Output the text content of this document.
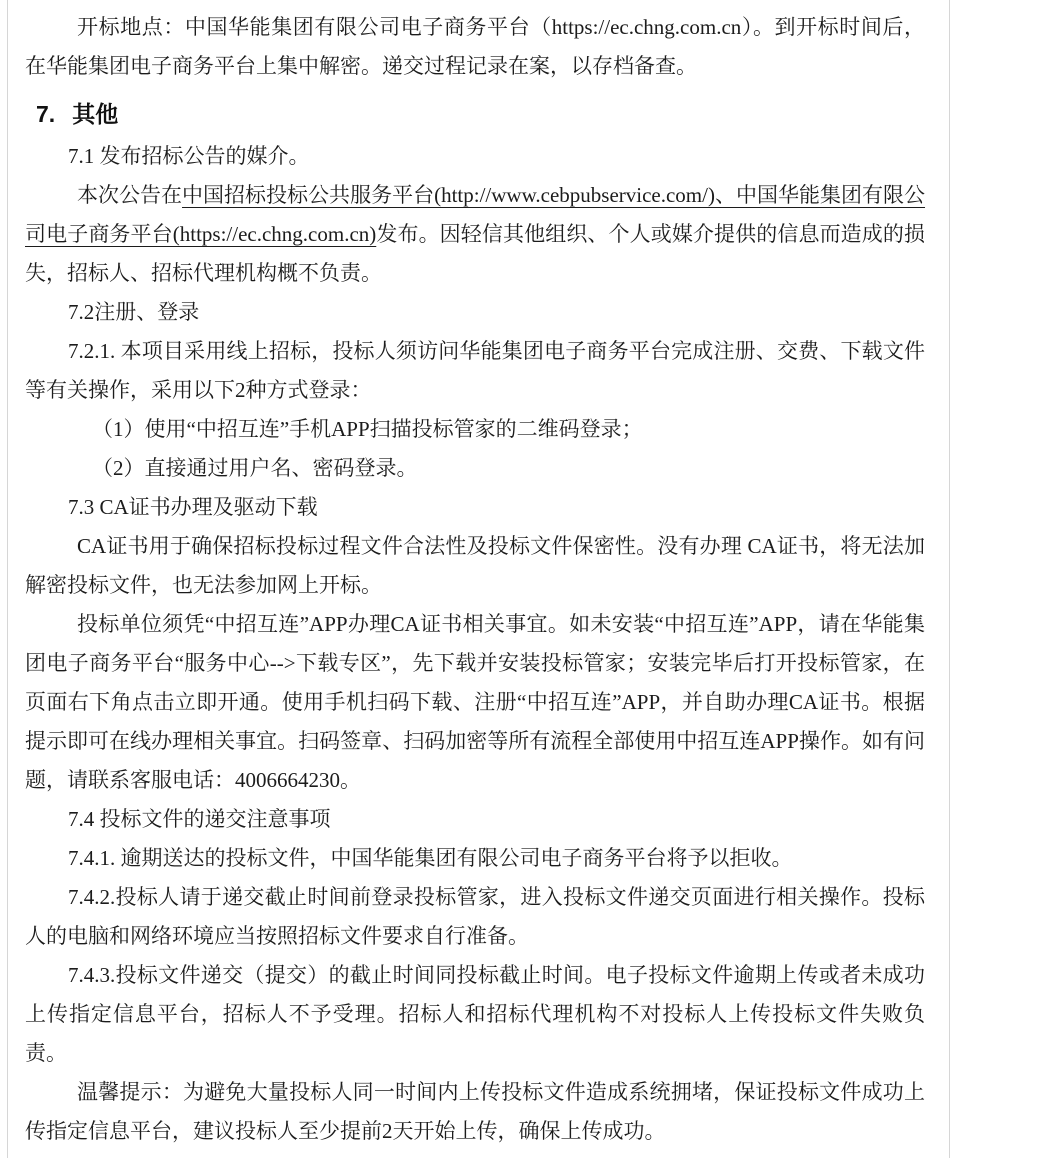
开标地点：中国华能集团有限公司电子商务平台（https://ec.chng.com.cn）。到开标时间后，在华能集团电子商务平台上集中解密。递交过程记录在案，以存档备查。

7. 其他

7.1 发布招标公告的媒介。

本次公告在中国招标投标公共服务平台(http://www.cebpubservice.com/)、中国华能集团有限公司电子商务平台(https://ec.chng.com.cn)发布。因轻信其他组织、个人或媒介提供的信息而造成的损失，招标人、招标代理机构概不负责。

7.2注册、登录

7.2.1. 本项目采用线上招标，投标人须访问华能集团电子商务平台完成注册、交费、下载文件等有关操作，采用以下2种方式登录：

（1）使用“中招互连”手机APP扫描投标管家的二维码登录；

（2）直接通过用户名、密码登录。

7.3 CA证书办理及驱动下载

CA证书用于确保招标投标过程文件合法性及投标文件保密性。没有办理 CA证书，将无法加解密投标文件，也无法参加网上开标。

投标单位须凭“中招互连”APP办理CA证书相关事宜。如未安装“中招互连”APP，请在华能集团电子商务平台“服务中心-->下载专区”，先下载并安装投标管家；安装完毕后打开投标管家，在页面右下角点击立即开通。使用手机扫码下载、注册“中招互连”APP，并自助办理CA证书。根据提示即可在线办理相关事宜。扫码签章、扫码加密等所有流程全部使用中招互连APP操作。如有问题，请联系客服电话：4006664230。

7.4 投标文件的递交注意事项

7.4.1. 逾期送达的投标文件，中国华能集团有限公司电子商务平台将予以拒收。

7.4.2.投标人请于递交截止时间前登录投标管家，进入投标文件递交页面进行相关操作。投标人的电脑和网络环境应当按照招标文件要求自行准备。

7.4.3.投标文件递交（提交）的截止时间同投标截止时间。电子投标文件逾期上传或者未成功上传指定信息平台，招标人不予受理。招标人和招标代理机构不对投标人上传投标文件失败负责。

温馨提示：为避免大量投标人同一时间内上传投标文件造成系统拥堵，保证投标文件成功上传指定信息平台，建议投标人至少提前2天开始上传，确保上传成功。
